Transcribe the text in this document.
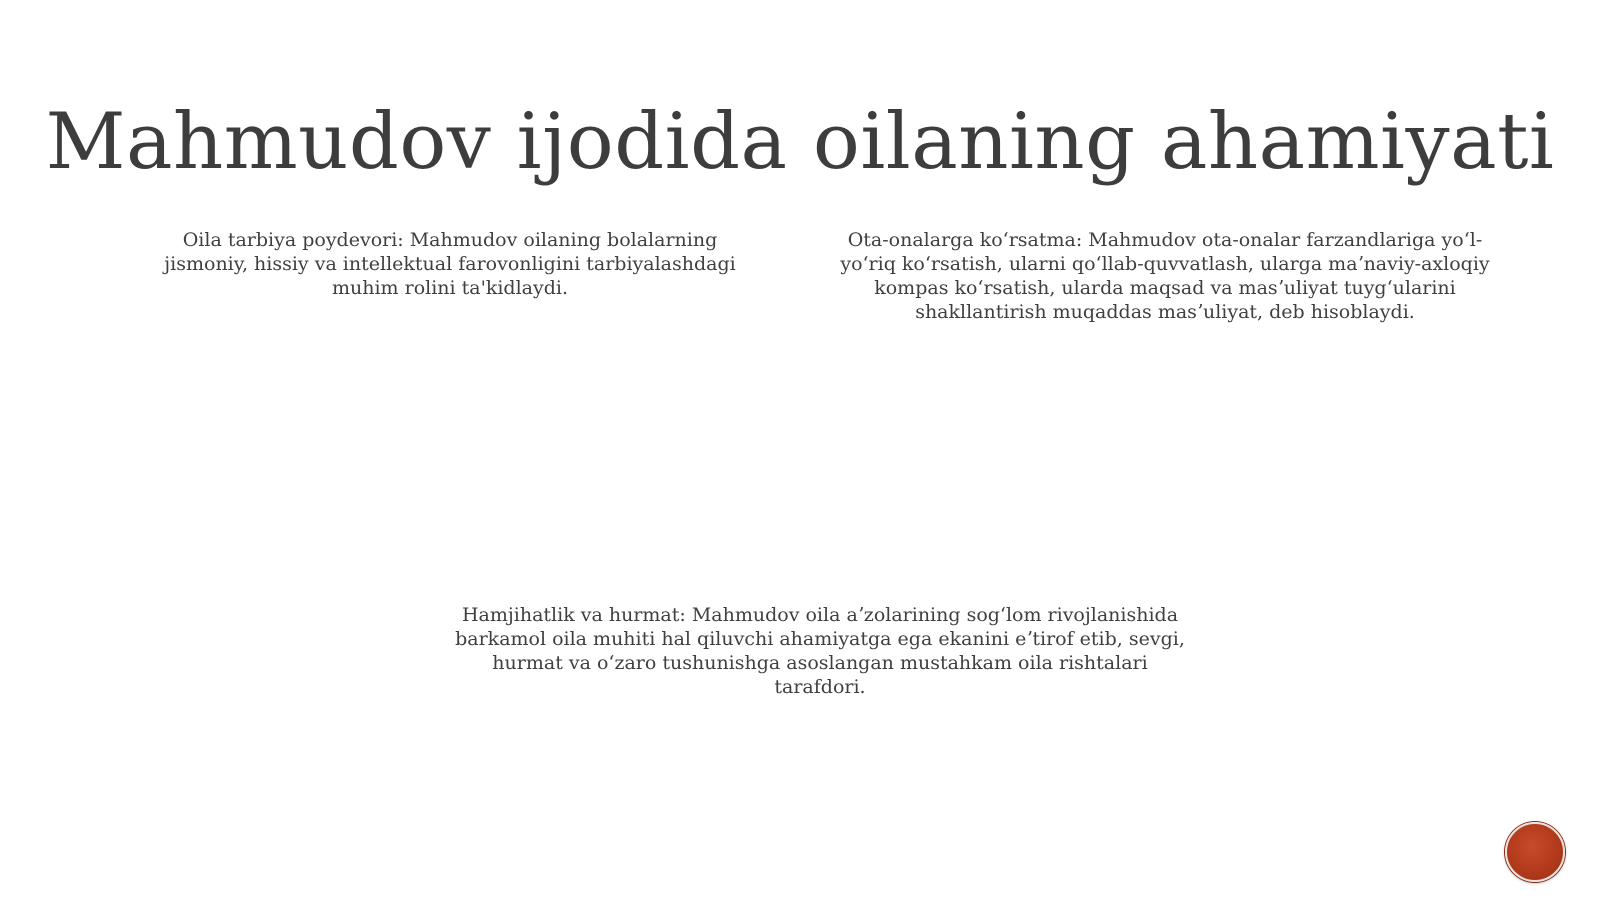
Mahmudov ijodida oilaning ahamiyati

Oila tarbiya poydevori: Mahmudov oilaning bolalarning jismoniy, hissiy va intellektual farovonligini tarbiyalashdagi muhim rolini ta'kidlaydi.

Ota-onalarga koʻrsatma: Mahmudov ota-onalar farzandlariga yoʻl-yoʻriq koʻrsatish, ularni qoʻllab-quvvatlash, ularga maʼnaviy-axloqiy kompas koʻrsatish, ularda maqsad va masʼuliyat tuygʻularini shakllantirish muqaddas masʼuliyat, deb hisoblaydi.

Hamjihatlik va hurmat: Mahmudov oila aʼzolarining sogʻlom rivojlanishida barkamol oila muhiti hal qiluvchi ahamiyatga ega ekanini eʼtirof etib, sevgi, hurmat va oʻzaro tushunishga asoslangan mustahkam oila rishtalari tarafdori.
